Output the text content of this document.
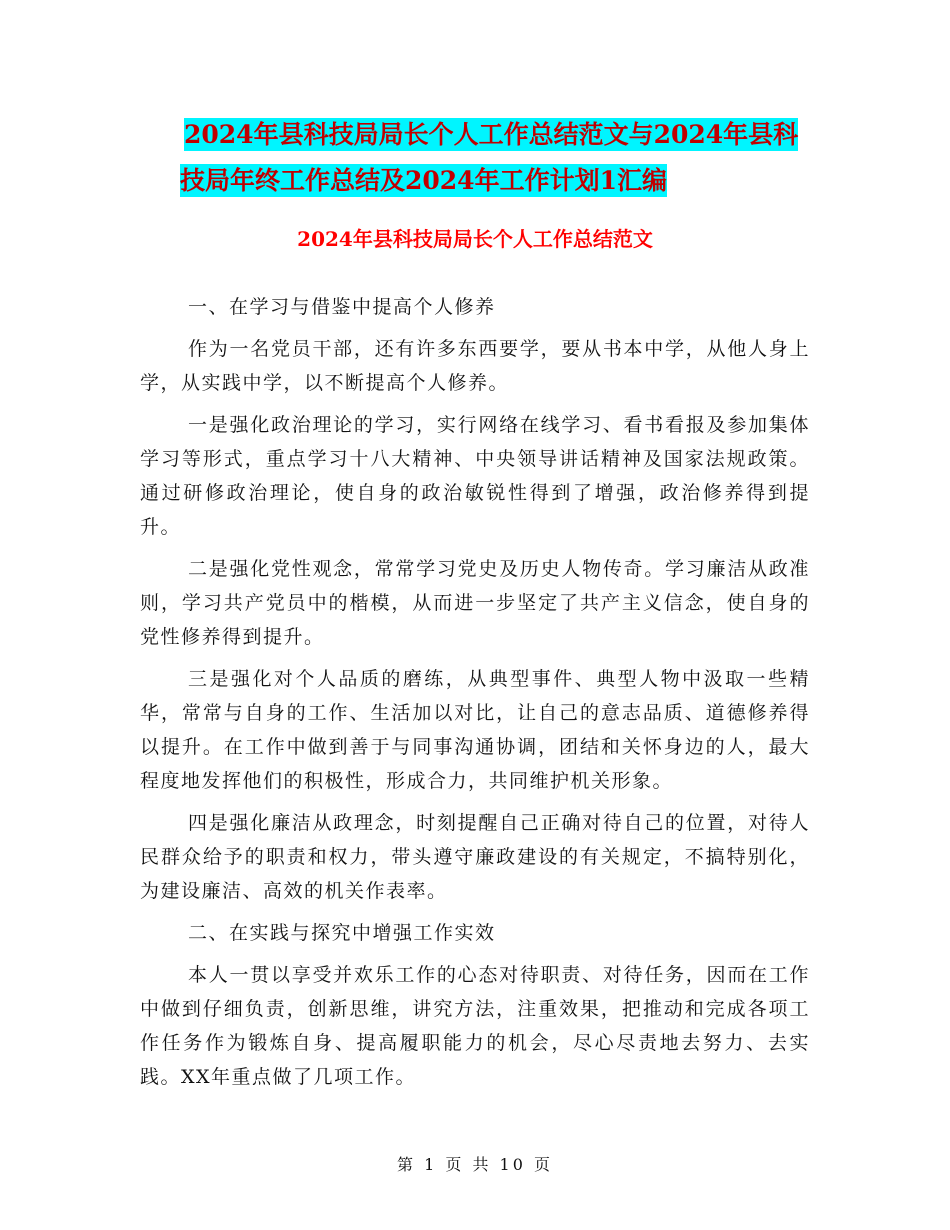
2024年县科技局局长个人工作总结范文与2024年县科
技局年终工作总结及2024年工作计划1汇编
2024年县科技局局长个人工作总结范文

一、在学习与借鉴中提高个人修养

作为一名党员干部，还有许多东西要学，要从书本中学，从他人身上学，从实践中学，以不断提高个人修养。

一是强化政治理论的学习，实行网络在线学习、看书看报及参加集体学习等形式，重点学习十八大精神、中央领导讲话精神及国家法规政策。通过研修政治理论，使自身的政治敏锐性得到了增强，政治修养得到提升。

二是强化党性观念，常常学习党史及历史人物传奇。学习廉洁从政准则，学习共产党员中的楷模，从而进一步坚定了共产主义信念，使自身的党性修养得到提升。

三是强化对个人品质的磨练，从典型事件、典型人物中汲取一些精华，常常与自身的工作、生活加以对比，让自己的意志品质、道德修养得以提升。在工作中做到善于与同事沟通协调，团结和关怀身边的人，最大程度地发挥他们的积极性，形成合力，共同维护机关形象。

四是强化廉洁从政理念，时刻提醒自己正确对待自己的位置，对待人民群众给予的职责和权力，带头遵守廉政建设的有关规定，不搞特别化，为建设廉洁、高效的机关作表率。

二、在实践与探究中增强工作实效

本人一贯以享受并欢乐工作的心态对待职责、对待任务，因而在工作中做到仔细负责，创新思维，讲究方法，注重效果，把推动和完成各项工作任务作为锻炼自身、提高履职能力的机会，尽心尽责地去努力、去实践。XX年重点做了几项工作。

第 1 页 共 10 页
